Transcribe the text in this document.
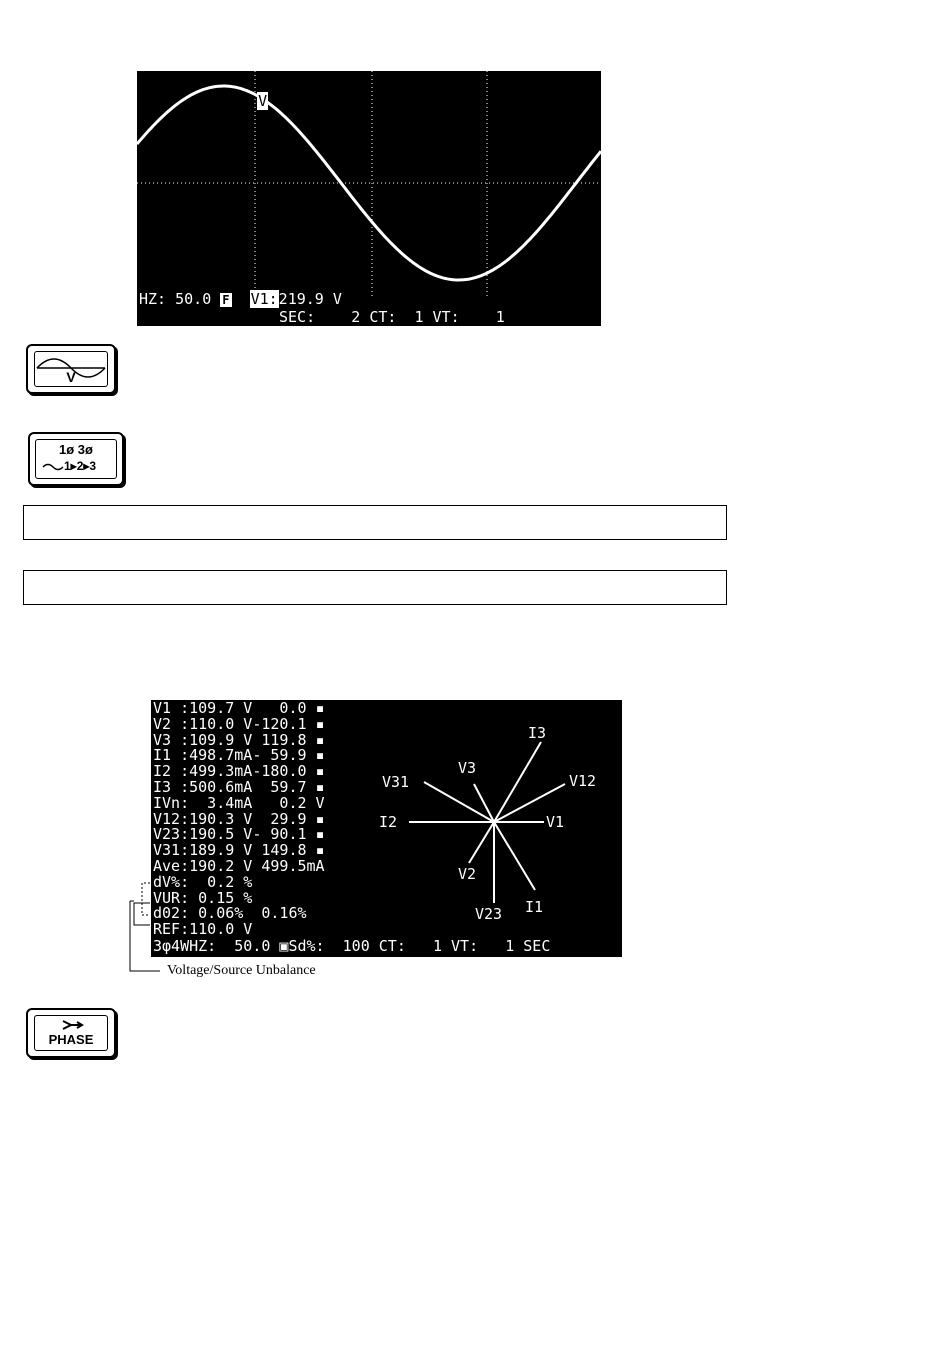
V

HZ: 50.0 F V1:219.9 V
SEC: 2 CT: 1 VT: 1
V
1ø 3ø
1▸2▸3
V1 :109.7 V   0.0 ▪
V2 :110.0 V-120.1 ▪
V3 :109.9 V 119.8 ▪
I1 :498.7mA- 59.9 ▪
I2 :499.3mA-180.0 ▪
I3 :500.6mA  59.7 ▪
IVn:  3.4mA   0.2 V
V12:190.3 V  29.9 ▪
V23:190.5 V- 90.1 ▪
V31:189.9 V 149.8 ▪
Ave:190.2 V 499.5mA
dV%:  0.2 %
VUR: 0.15 %
d02: 0.06%  0.16%
REF:110.0 V
3φ4WHZ:  50.0 ▣Sd%:  100 CT:   1 VT:   1 SEC
I3
V3
V31	V12
I2	V1
V2
I1
V23
Voltage/Source Unbalance
PHASE
